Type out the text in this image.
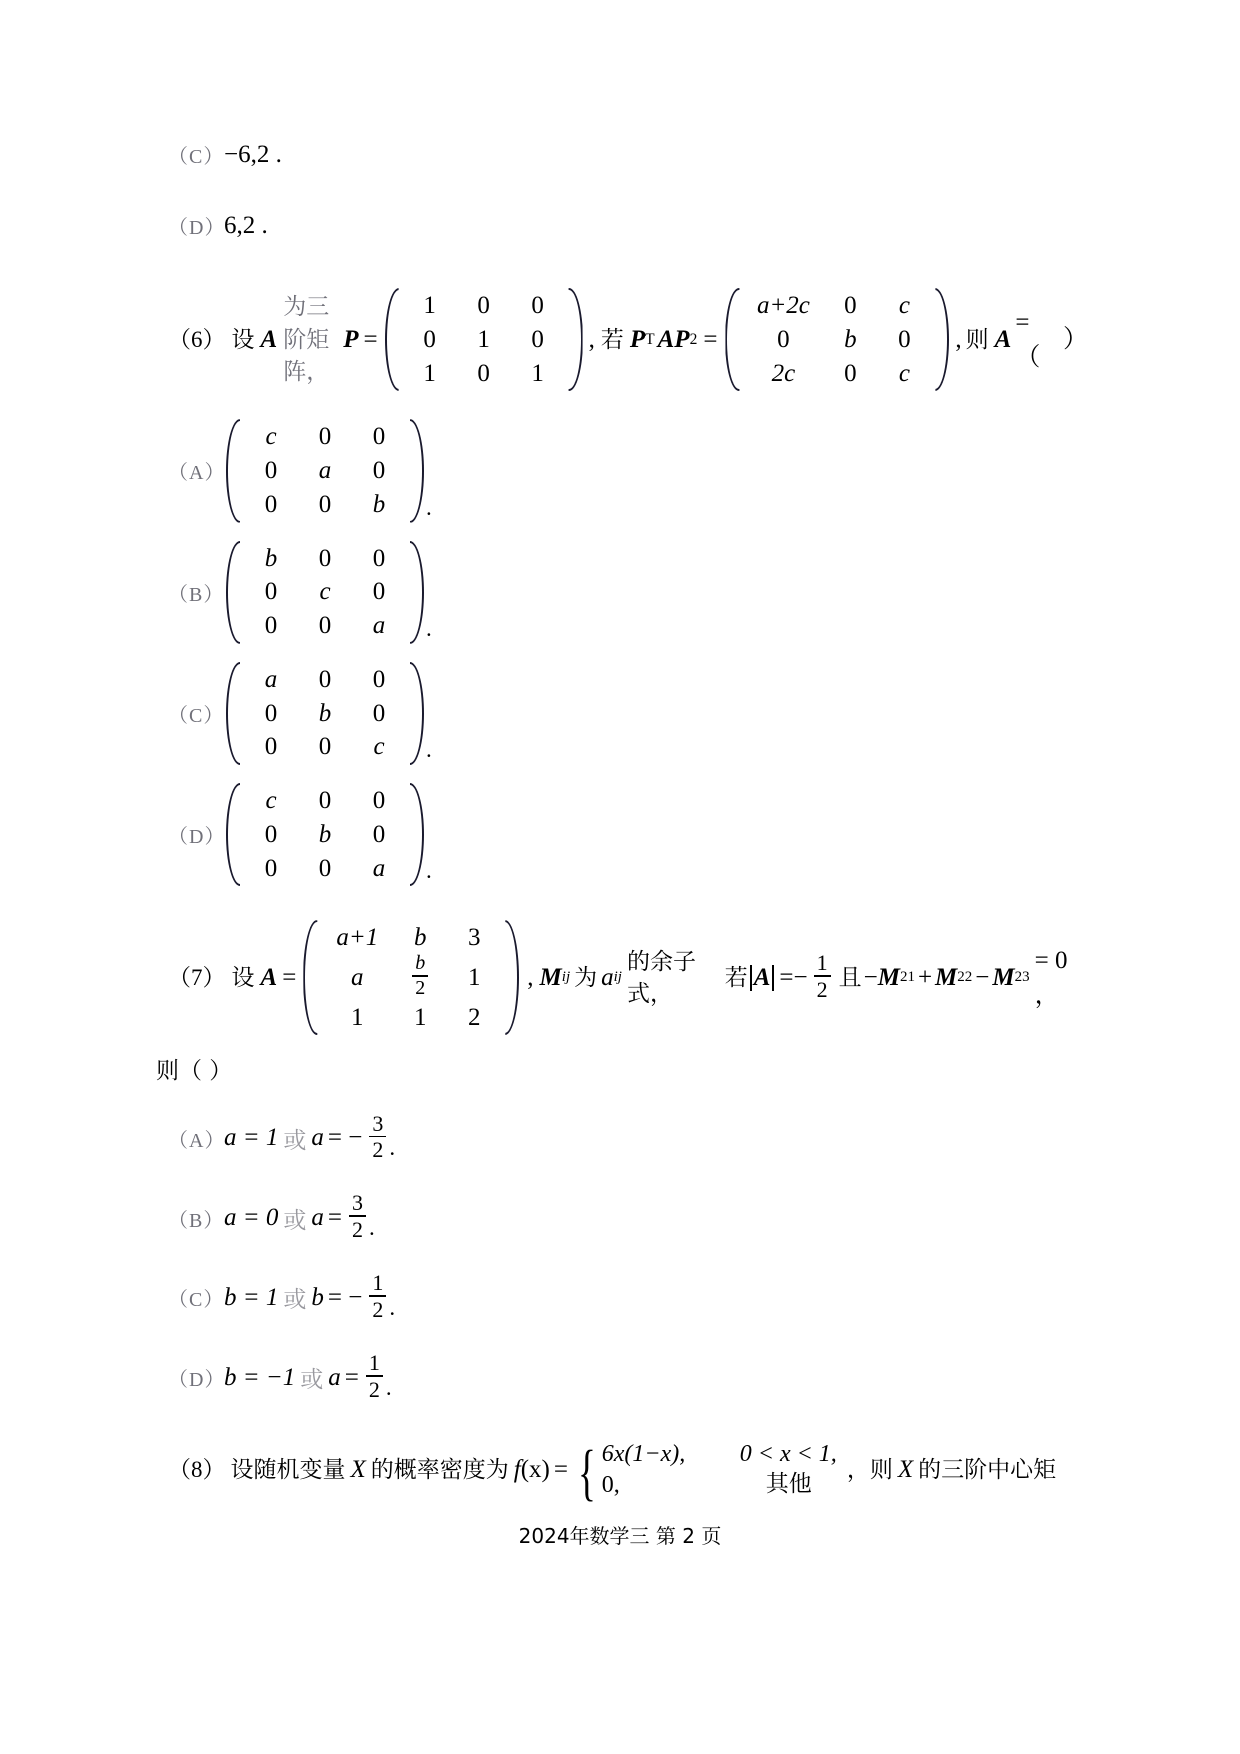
（C） −6,2 .
（D）
6,2 .
（6） 设 A
为三阶矩阵，
P =
1	0	0
0	1	0
1	0	1
, 若 P T A P 2 =
a+2c	0	c
0	b	0
2c	0	c
, 则 A
=（
）
（A）
c	0	0
0	a	0
0	0	b	.
（B）
b	0	0
0	c	0
0	0	a	.
（C）
a	0	0
0	b	0
0	0	c	.
（D）
c	0	0
0	b	0
0	0	a	.
（7） 设 A =
a+1	b	3
a	$\frac{b}{2}$	1
1	1	2
, M ij 为 a ij
的余子式，
若 $A =- \frac{1}{2}$ 且 − M 21 + M 22 − M 23
= 0 ，
则（ ）
（A）
a = 1 或 a = − $\frac{3}{2}$ .
（B） a = 0 或 $a = \frac{3}{2}$ .
（C） b = 1 或 b = − $\frac{1}{2}$ .
（D）
b = −1 或 $a = \frac{1}{2}$ .
（8） 设随机变量 X 的概率密度为 f (x) = { 6x(1−x),	0 < x < 1,
0,	其他
，则 X 的三阶中心矩
2024年数学三 第 2 页
